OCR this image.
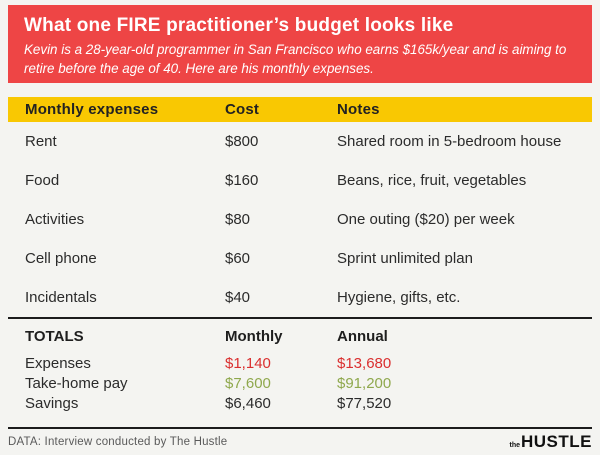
What one FIRE practitioner’s budget looks like
Kevin is a 28-year-old programmer in San Francisco who earns $165k/year and is aiming to retire before the age of 40. Here are his monthly expenses.
Monthly expenses	Cost	Notes
Rent	$800	Shared room in 5-bedroom house
Food	$160	Beans, rice, fruit, vegetables
Activities	$80	One outing ($20) per week
Cell phone	$60	Sprint unlimited plan
Incidentals	$40	Hygiene, gifts, etc.
TOTALS	Monthly	Annual
Expenses	$1,140	$13,680
Take-home pay	$7,600	$91,200
Savings	$6,460	$77,520
DATA: Interview conducted by The Hustle	the HUSTLE
